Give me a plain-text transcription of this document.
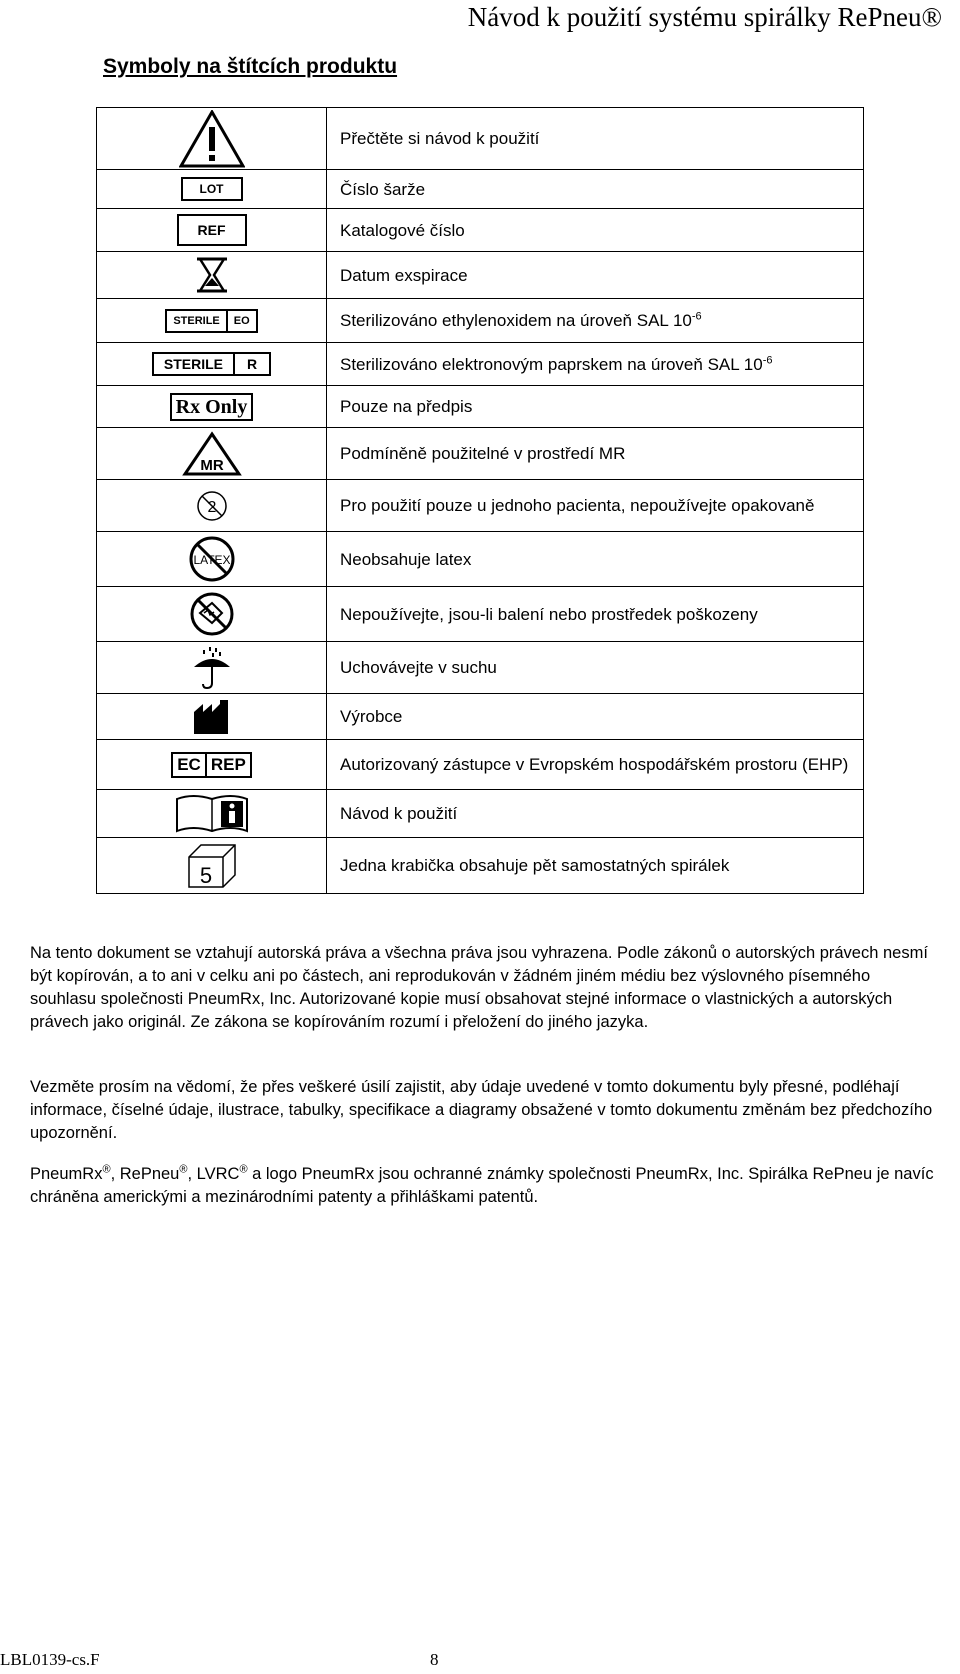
Návod k použití systému spirálky RePneu®
Symboly na štítcích produktu
	Přečtěte si návod k použití

LOT	Číslo šarže

REF	Katalogové číslo

	Datum exspirace

STERILE EO	Sterilizováno ethylenoxidem na úroveň SAL $10^{-6}$

STERILE R	Sterilizováno elektronovým paprskem na úroveň SAL $10^{-6}$

Rx Only	Pouze na předpis

MR	Podmíněně použitelné v prostředí MR

2	Pro použití pouze u jednoho pacienta, nepoužívejte opakovaně

LATEX	Neobsahuje latex

	Nepoužívejte, jsou-li balení nebo prostředek poškozeny

	Uchovávejte v suchu

	Výrobce

EC REP	Autorizovaný zástupce v Evropském hospodářském prostoru (EHP)

	Návod k použití

5	Jedna krabička obsahuje pět samostatných spirálek
Na tento dokument se vztahují autorská práva a všechna práva jsou vyhrazena. Podle zákonů o autorských právech nesmí být kopírován, a to ani v celku ani po částech, ani reprodukován v žádném jiném médiu bez výslovného písemného souhlasu společnosti PneumRx, Inc. Autorizované kopie musí obsahovat stejné informace o vlastnických a autorských právech jako originál. Ze zákona se kopírováním rozumí i přeložení do jiného jazyka.
Vezměte prosím na vědomí, že přes veškeré úsilí zajistit, aby údaje uvedené v tomto dokumentu byly přesné, podléhají informace, číselné údaje, ilustrace, tabulky, specifikace a diagramy obsažené v tomto dokumentu změnám bez předchozího upozornění.
PneumRx®, RePneu®, LVRC® a logo PneumRx jsou ochranné známky společnosti PneumRx, Inc. Spirálka RePneu je navíc chráněna americkými a mezinárodními patenty a přihláškami patentů.
LBL0139-cs.F	8
